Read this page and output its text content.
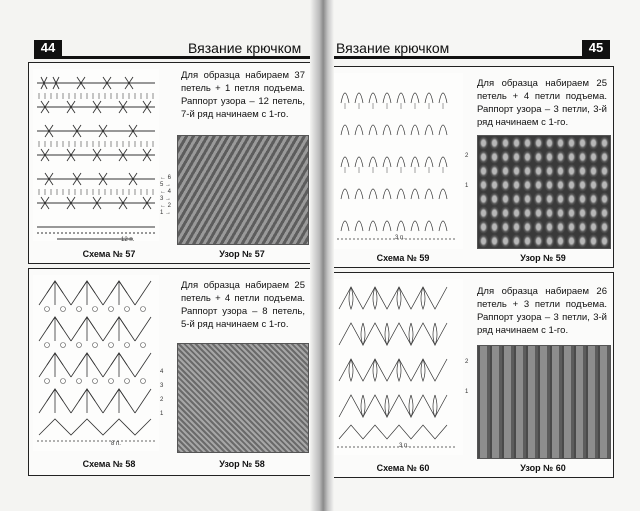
44	Вязание крючком
← 6
5 →
← 4
3 →
← 2
1 →
12 п.
Для образца набираем 37 петель + 1 петля подъема. Раппорт узора – 12 петель, 7-й ряд начинаем с 1-го.
Схема № 57	Узор № 57
4
3
2
1
8 п.
Для образца набираем 25 петель + 4 петли подъема. Раппорт узора – 8 петель, 5-й ряд начинаем с 1-го.
Схема № 58	Узор № 58
Вязание крючком	45
2

1
3 п.
Для образца набираем 25 петель + 4 петли подъема. Раппорт узора – 3 петли, 3-й ряд начинаем с 1-го.
Схема № 59	Узор № 59
2

1
3 п.
Для образца набираем 26 петель + 3 петли подъема. Раппорт узора – 3 петли, 3-й ряд начинаем с 1-го.
Схема № 60	Узор № 60
